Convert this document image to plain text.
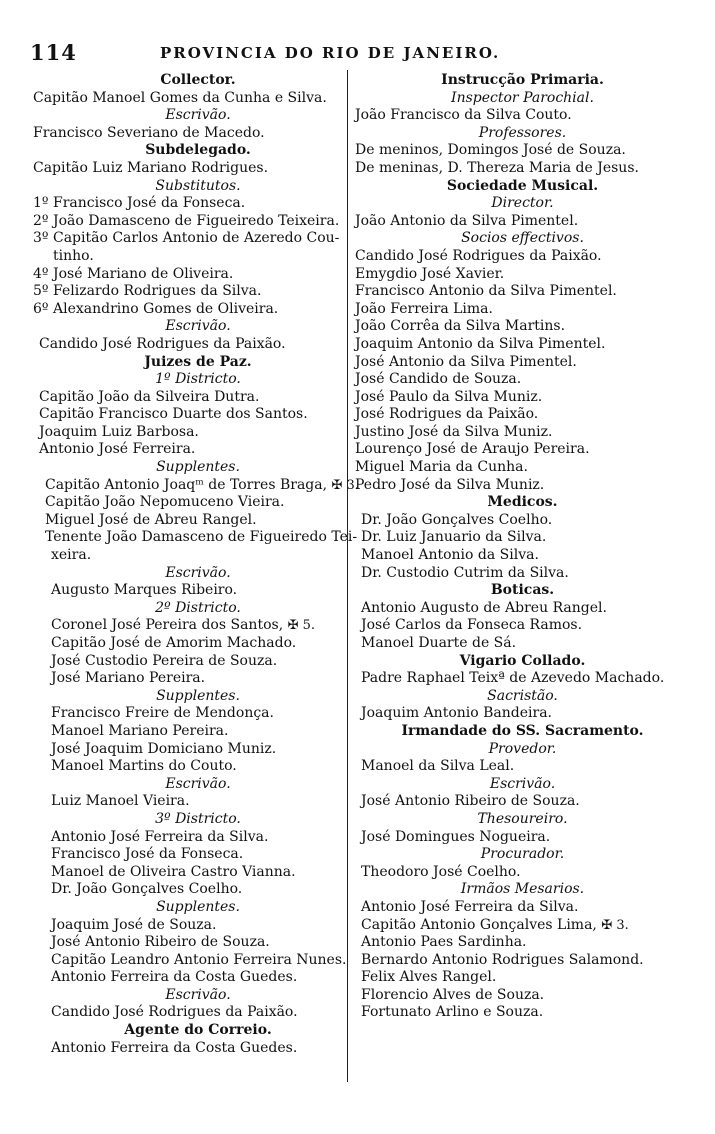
114	PROVINCIA DO RIO DE JANEIRO.
Collector.
Capitão Manoel Gomes da Cunha e Silva.
Escrivão.
Francisco Severiano de Macedo.
Subdelegado.
Capitão Luiz Mariano Rodrigues.
Substitutos.
1º Francisco José da Fonseca.
2º João Damasceno de Figueiredo Teixeira.
3º Capitão Carlos Antonio de Azeredo Cou-
tinho.
4º José Mariano de Oliveira.
5º Felizardo Rodrigues da Silva.
6º Alexandrino Gomes de Oliveira.
Escrivão.
Candido José Rodrigues da Paixão.
Juizes de Paz.
1º Districto.
Capitão João da Silveira Dutra.
Capitão Francisco Duarte dos Santos.
Joaquim Luiz Barbosa.
Antonio José Ferreira.
Supplentes.
Capitão Antonio Joaqᵐ de Torres Braga, ✠ 3.
Capitão João Nepomuceno Vieira.
Miguel José de Abreu Rangel.
Tenente João Damasceno de Figueiredo Tei-
xeira.
Escrivão.
Augusto Marques Ribeiro.
2º Districto.
Coronel José Pereira dos Santos, ✠ 5.
Capitão José de Amorim Machado.
José Custodio Pereira de Souza.
José Mariano Pereira.
Supplentes.
Francisco Freire de Mendonça.
Manoel Mariano Pereira.
José Joaquim Domiciano Muniz.
Manoel Martins do Couto.
Escrivão.
Luiz Manoel Vieira.
3º Districto.
Antonio José Ferreira da Silva.
Francisco José da Fonseca.
Manoel de Oliveira Castro Vianna.
Dr. João Gonçalves Coelho.
Supplentes.
Joaquim José de Souza.
José Antonio Ribeiro de Souza.
Capitão Leandro Antonio Ferreira Nunes.
Antonio Ferreira da Costa Guedes.
Escrivão.
Candido José Rodrigues da Paixão.
Agente do Correio.
Antonio Ferreira da Costa Guedes.
Instrucção Primaria.
Inspector Parochial.
João Francisco da Silva Couto.
Professores.
De meninos, Domingos José de Souza.
De meninas, D. Thereza Maria de Jesus.
Sociedade Musical.
Director.
João Antonio da Silva Pimentel.
Socios effectivos.
Candido José Rodrigues da Paixão.
Emygdio José Xavier.
Francisco Antonio da Silva Pimentel.
João Ferreira Lima.
João Corrêa da Silva Martins.
Joaquim Antonio da Silva Pimentel.
José Antonio da Silva Pimentel.
José Candido de Souza.
José Paulo da Silva Muniz.
José Rodrigues da Paixão.
Justino José da Silva Muniz.
Lourenço José de Araujo Pereira.
Miguel Maria da Cunha.
Pedro José da Silva Muniz.
Medicos.
Dr. João Gonçalves Coelho.
Dr. Luiz Januario da Silva.
Manoel Antonio da Silva.
Dr. Custodio Cutrim da Silva.
Boticas.
Antonio Augusto de Abreu Rangel.
José Carlos da Fonseca Ramos.
Manoel Duarte de Sá.
Vigario Collado.
Padre Raphael Teixª de Azevedo Machado.
Sacristão.
Joaquim Antonio Bandeira.
Irmandade do SS. Sacramento.
Provedor.
Manoel da Silva Leal.
Escrivão.
José Antonio Ribeiro de Souza.
Thesoureiro.
José Domingues Nogueira.
Procurador.
Theodoro José Coelho.
Irmãos Mesarios.
Antonio José Ferreira da Silva.
Capitão Antonio Gonçalves Lima, ✠ 3.
Antonio Paes Sardinha.
Bernardo Antonio Rodrigues Salamond.
Felix Alves Rangel.
Florencio Alves de Souza.
Fortunato Arlino e Souza.
